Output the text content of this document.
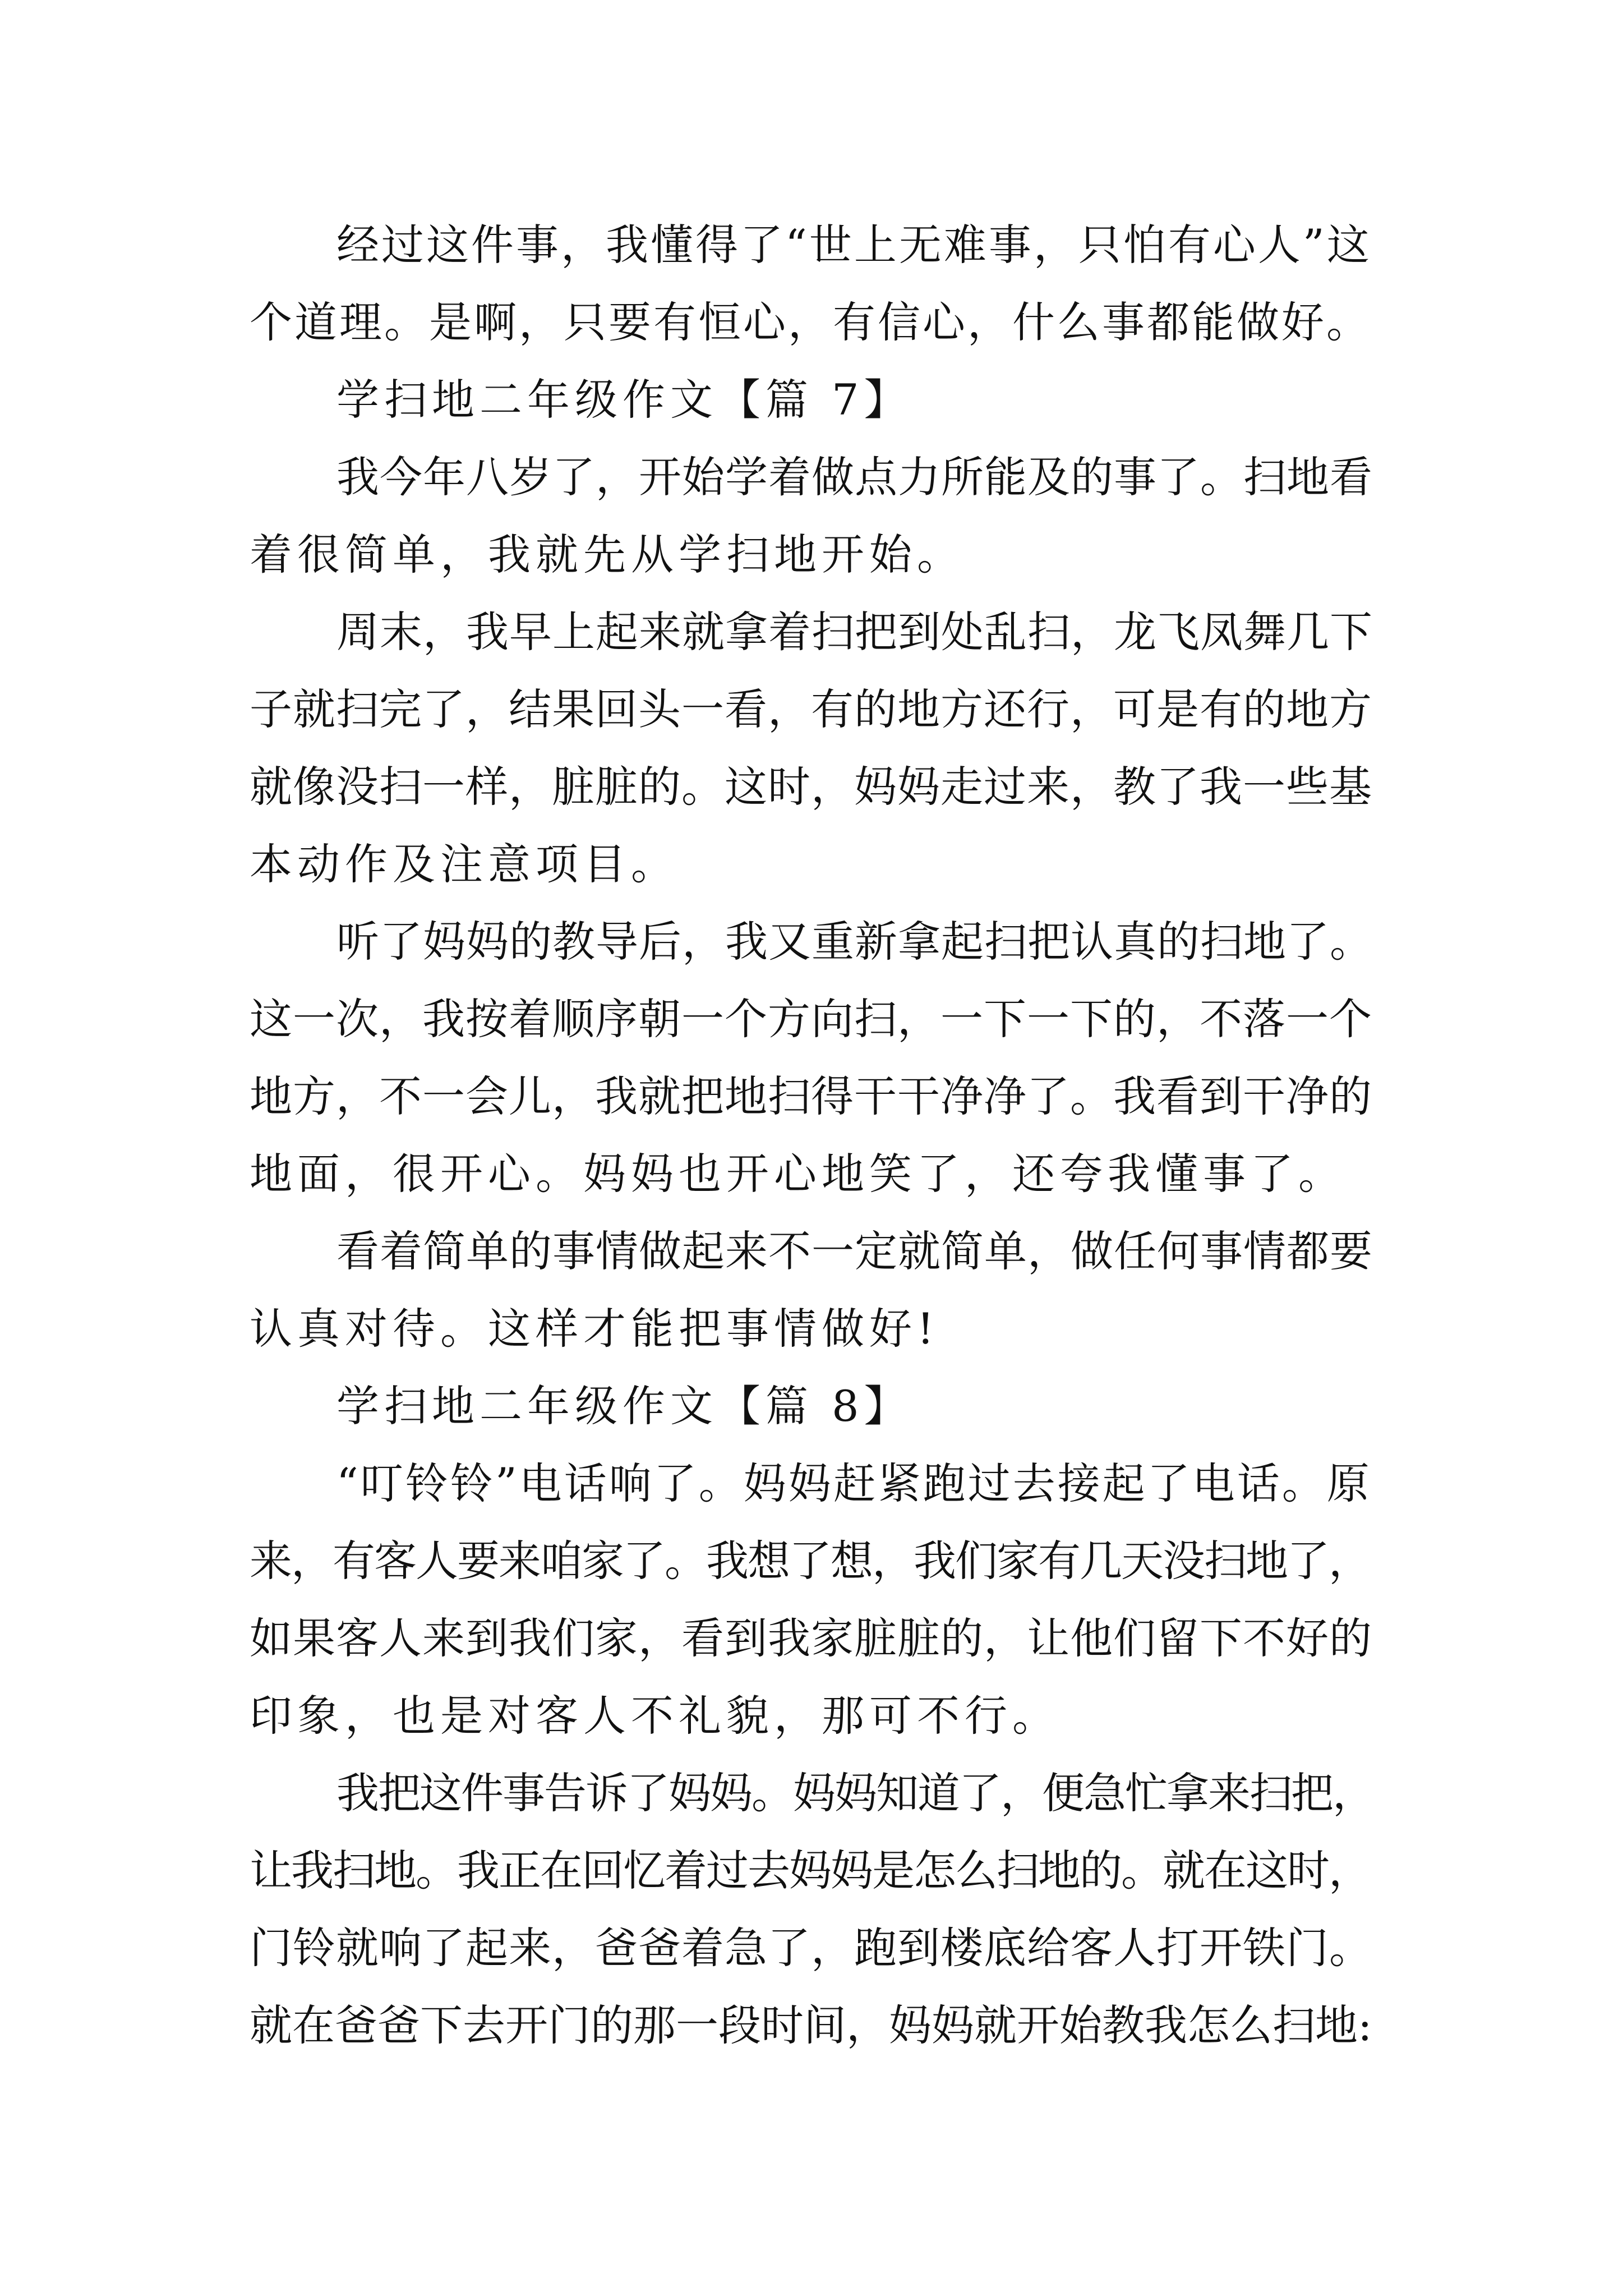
经过这件事，我懂得了“世上无难事，只怕有心人”这
个道理。是啊，只要有恒心，有信心，什么事都能做好。
学扫地二年级作文【篇 7】
我今年八岁了，开始学着做点力所能及的事了。扫地看
着很简单，我就先从学扫地开始。
周末，我早上起来就拿着扫把到处乱扫，龙飞凤舞几下
子就扫完了，结果回头一看，有的地方还行，可是有的地方
就像没扫一样，脏脏的。这时，妈妈走过来，教了我一些基
本动作及注意项目。
听了妈妈的教导后，我又重新拿起扫把认真的扫地了。
这一次，我按着顺序朝一个方向扫，一下一下的，不落一个
地方，不一会儿，我就把地扫得干干净净了。我看到干净的
地面，很开心。妈妈也开心地笑了，还夸我懂事了。
看着简单的事情做起来不一定就简单，做任何事情都要
认真对待。这样才能把事情做好!
学扫地二年级作文【篇 8】
“叮铃铃”电话响了。妈妈赶紧跑过去接起了电话。原
来，有客人要来咱家了。我想了想，我们家有几天没扫地了，
如果客人来到我们家，看到我家脏脏的，让他们留下不好的
印象，也是对客人不礼貌，那可不行。
我把这件事告诉了妈妈。妈妈知道了，便急忙拿来扫把，
让我扫地。我正在回忆着过去妈妈是怎么扫地的。就在这时，
门铃就响了起来，爸爸着急了，跑到楼底给客人打开铁门。
就在爸爸下去开门的那一段时间，妈妈就开始教我怎么扫地:
